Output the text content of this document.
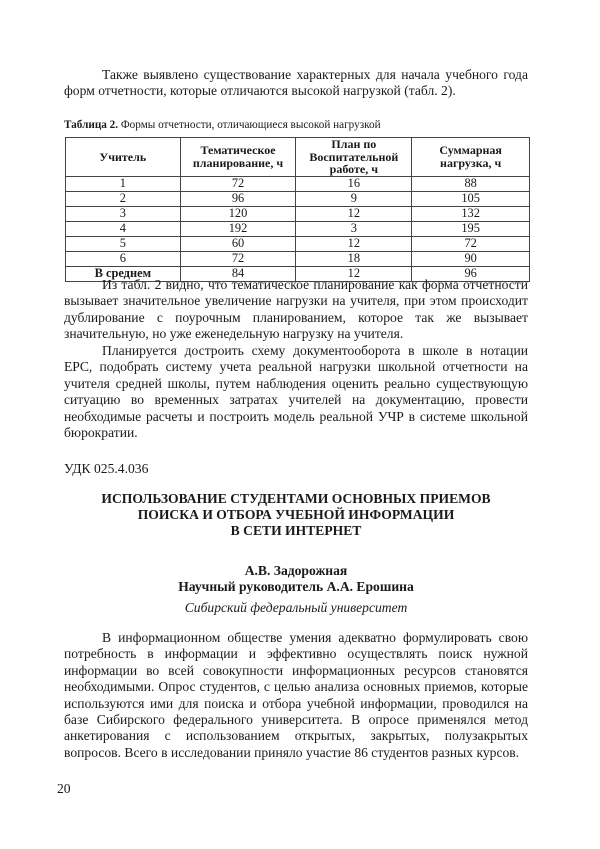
Также выявлено существование характерных для начала учебного года форм отчетности, которые отличаются высокой нагрузкой (табл. 2).

Таблица 2. Формы отчетности, отличающиеся высокой нагрузкой

Учитель	Тематическое планирование, ч	План по Воспитательной работе, ч	Суммарная нагрузка, ч
1	72	16	88
2	96	9	105
3	120	12	132
4	192	3	195
5	60	12	72
6	72	18	90
В среднем	84	12	96

Из табл. 2 видно, что тематическое планирование как форма отчетности вызывает значительное увеличение нагрузки на учителя, при этом происходит дублирование с поурочным планированием, которое так же вызывает значительную, но уже еженедельную нагрузку на учителя.

Планируется достроить схему документооборота в школе в нотации EPC, подобрать систему учета реальной нагрузки школьной отчетности на учителя средней школы, путем наблюдения оценить реально существующую ситуацию во временных затратах учителей на документацию, провести необходимые расчеты и построить модель реальной УЧР в системе школьной бюрократии.

УДК 025.4.036

ИСПОЛЬЗОВАНИЕ СТУДЕНТАМИ ОСНОВНЫХ ПРИЕМОВ
ПОИСКА И ОТБОРА УЧЕБНОЙ ИНФОРМАЦИИ
В СЕТИ ИНТЕРНЕТ
А.В. Задорожная
Научный руководитель А.А. Ерошина

Сибирский федеральный университет

В информационном обществе умения адекватно формулировать свою потребность в информации и эффективно осуществлять поиск нужной информации во всей совокупности информационных ресурсов становятся необходимыми. Опрос студентов, с целью анализа основных приемов, которые используются ими для поиска и отбора учебной информации, проводился на базе Сибирского федерального университета. В опросе применялся метод анкетирования с использованием открытых, закрытых, полузакрытых вопросов. Всего в исследовании приняло участие 86 студентов разных курсов.

20
